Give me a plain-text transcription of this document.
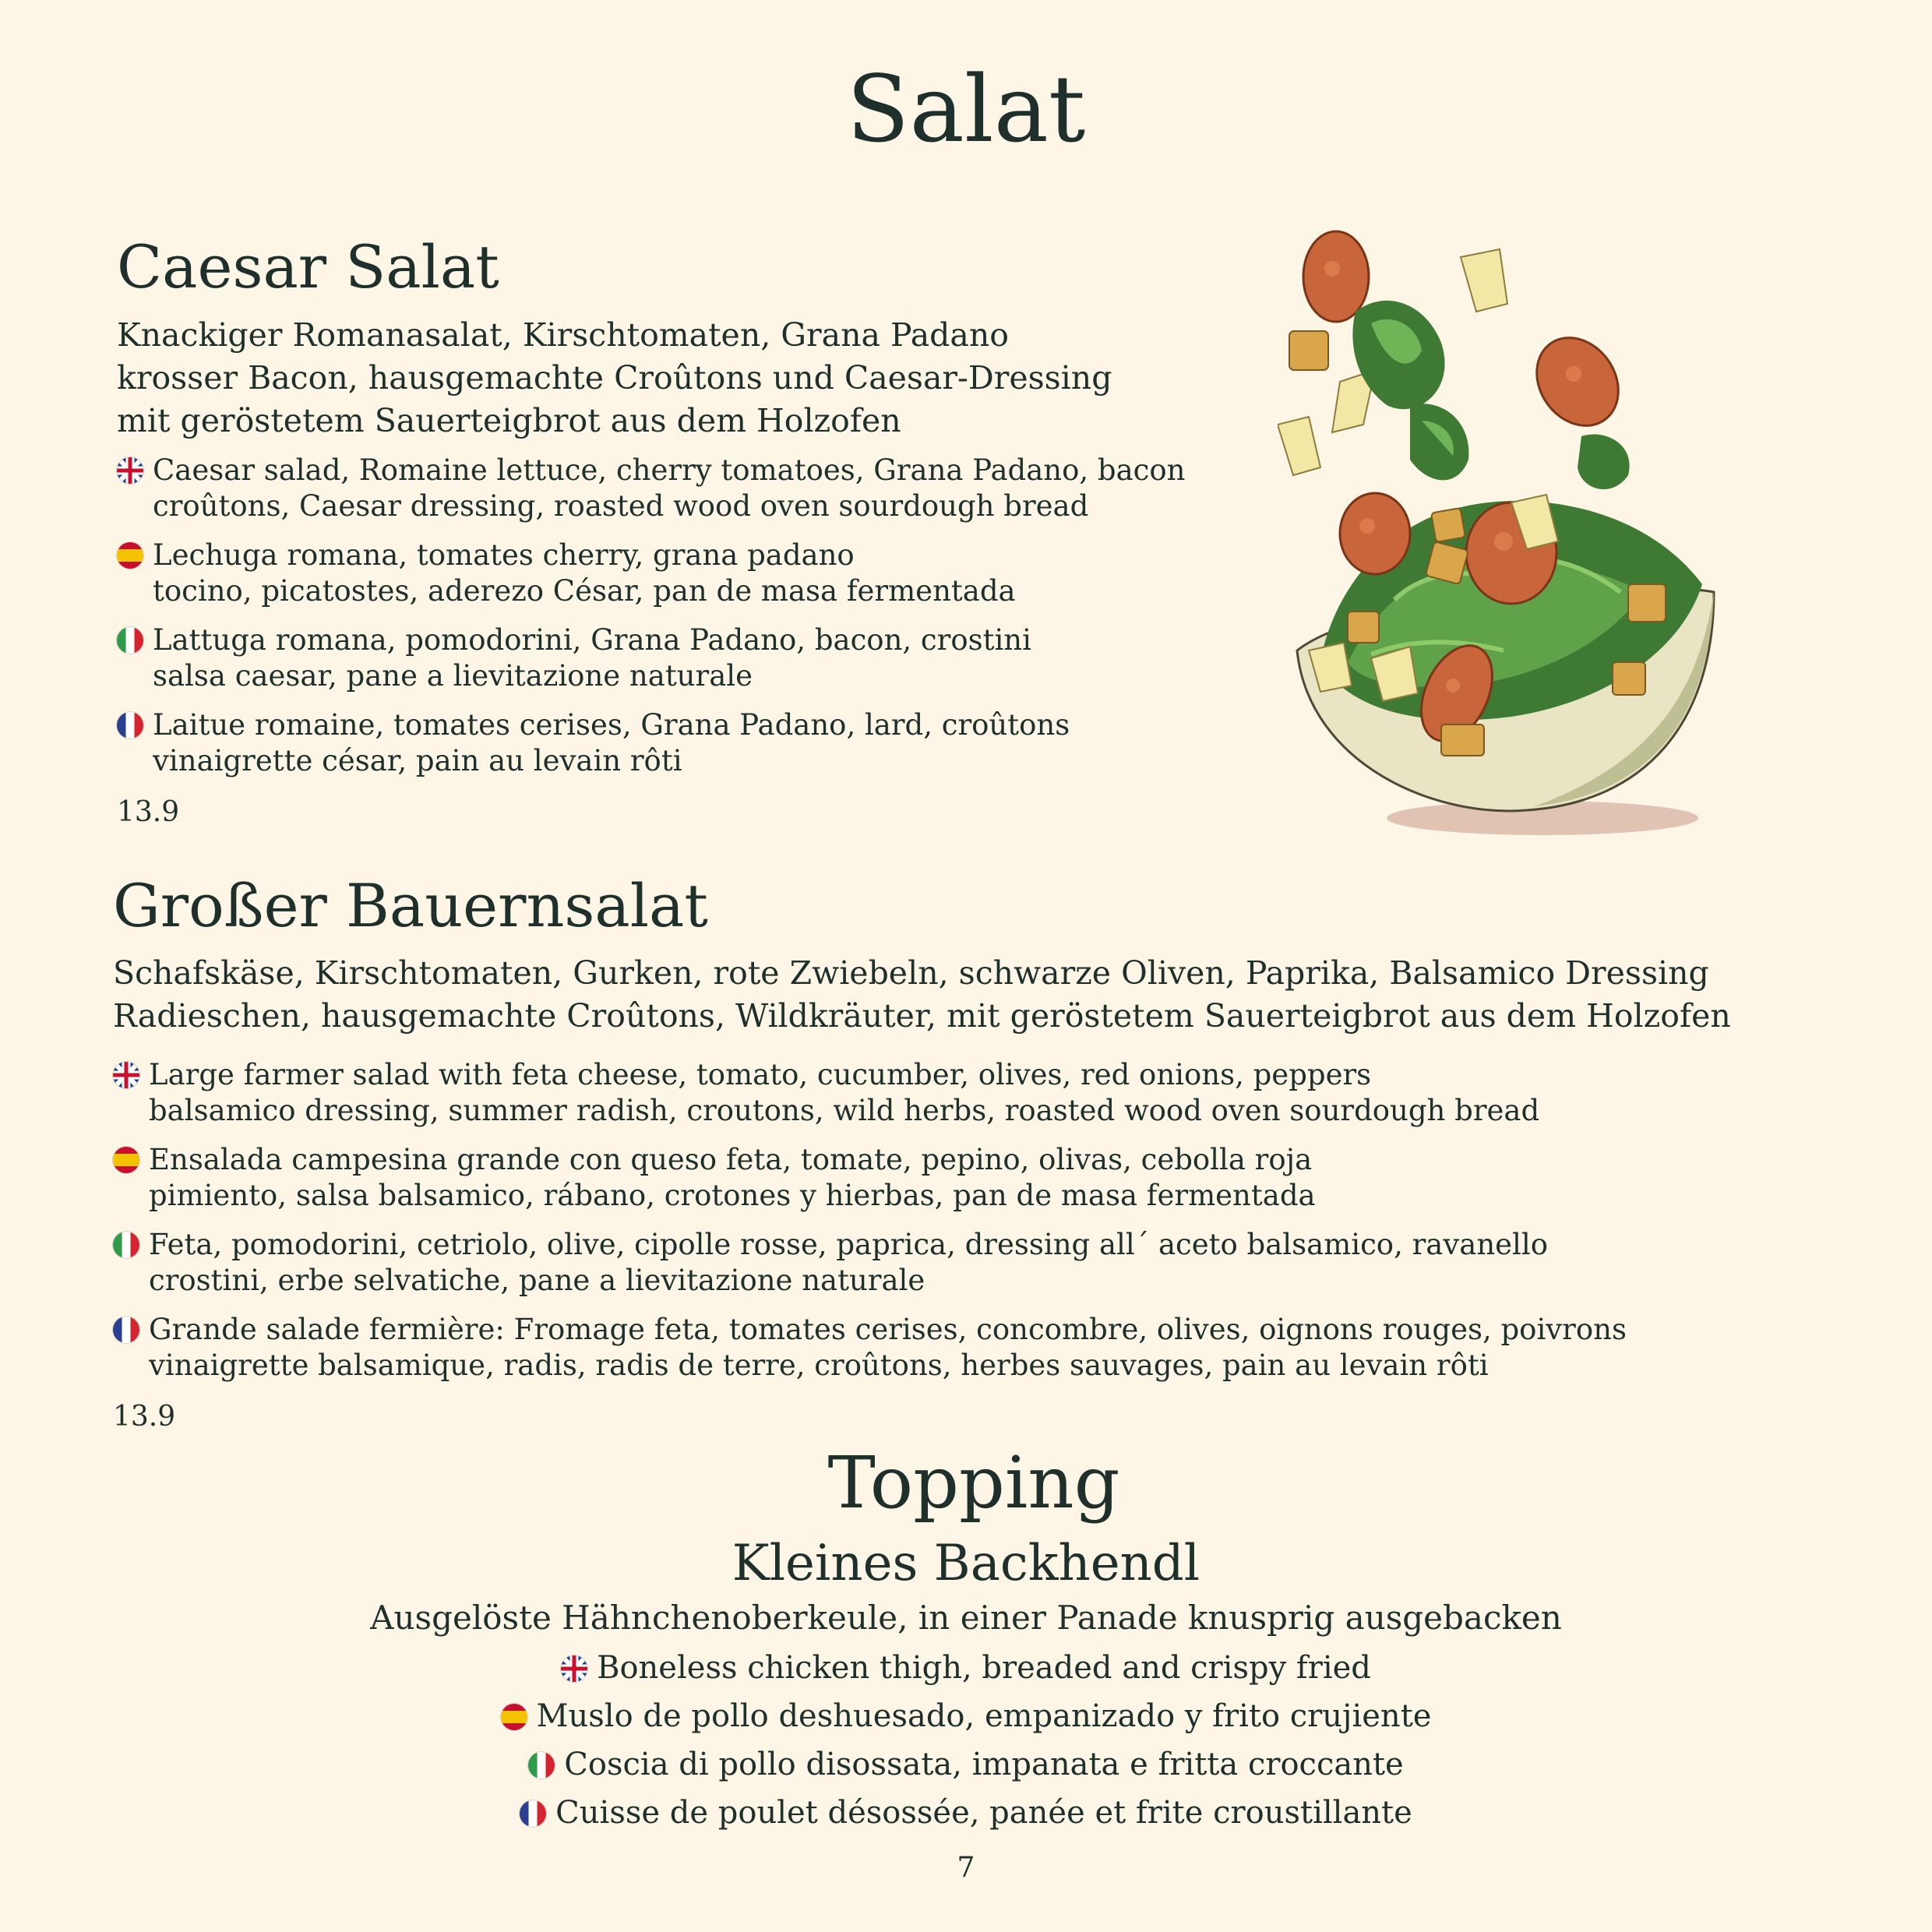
Salat
Caesar Salat
Knackiger Romanasalat, Kirschtomaten, Grana Padano
krosser Bacon, hausgemachte Croûtons und Caesar-Dressing
mit geröstetem Sauerteigbrot aus dem Holzofen
Caesar salad, Romaine lettuce, cherry tomatoes, Grana Padano, bacon
croûtons, Caesar dressing, roasted wood oven sourdough bread
Lechuga romana, tomates cherry, grana padano
tocino, picatostes, aderezo César, pan de masa fermentada
Lattuga romana, pomodorini, Grana Padano, bacon, crostini
salsa caesar, pane a lievitazione naturale
Laitue romaine, tomates cerises, Grana Padano, lard, croûtons
vinaigrette césar, pain au levain rôti
13.9
Großer Bauernsalat
Schafskäse, Kirschtomaten, Gurken, rote Zwiebeln, schwarze Oliven, Paprika, Balsamico Dressing
Radieschen, hausgemachte Croûtons, Wildkräuter, mit geröstetem Sauerteigbrot aus dem Holzofen
Large farmer salad with feta cheese, tomato, cucumber, olives, red onions, peppers
balsamico dressing, summer radish, croutons, wild herbs, roasted wood oven sourdough bread
Ensalada campesina grande con queso feta, tomate, pepino, olivas, cebolla roja
pimiento, salsa balsamico, rábano, crotones y hierbas, pan de masa fermentada
Feta, pomodorini, cetriolo, olive, cipolle rosse, paprica, dressing all´ aceto balsamico, ravanello
crostini, erbe selvatiche, pane a lievitazione naturale
Grande salade fermière: Fromage feta, tomates cerises, concombre, olives, oignons rouges, poivrons
vinaigrette balsamique, radis, radis de terre, croûtons, herbes sauvages, pain au levain rôti
13.9
Topping
Kleines Backhendl
Ausgelöste Hähnchenoberkeule, in einer Panade knusprig ausgebacken
Boneless chicken thigh, breaded and crispy fried
Muslo de pollo deshuesado, empanizado y frito crujiente
Coscia di pollo disossata, impanata e fritta croccante
Cuisse de poulet désossée, panée et frite croustillante
7
